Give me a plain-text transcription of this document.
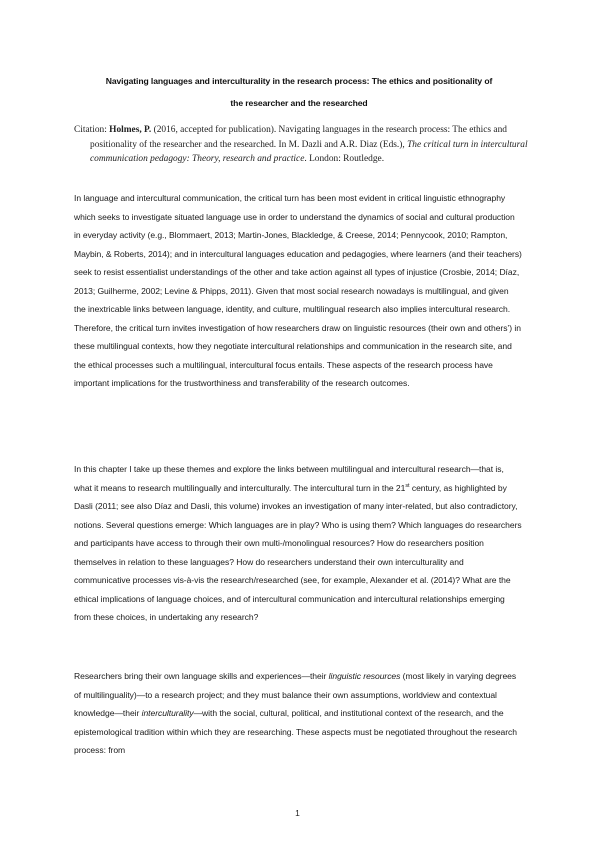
Navigating languages and interculturality in the research process: The ethics and positionality of
the researcher and the researched
Citation: Holmes, P. (2016, accepted for publication). Navigating languages in the research process: The ethics and positionality of the researcher and the researched. In M. Dazli and A.R. Diaz (Eds.), The critical turn in intercultural communication pedagogy: Theory, research and practice. London: Routledge.
In language and intercultural communication, the critical turn has been most evident in critical linguistic ethnography which seeks to investigate situated language use in order to understand the dynamics of social and cultural production in everyday activity (e.g., Blommaert, 2013; Martin-Jones, Blackledge, & Creese, 2014; Pennycook, 2010; Rampton, Maybin, & Roberts, 2014); and in intercultural languages education and pedagogies, where learners (and their teachers) seek to resist essentialist understandings of the other and take action against all types of injustice (Crosbie, 2014; Díaz, 2013; Guilherme, 2002; Levine & Phipps, 2011). Given that most social research nowadays is multilingual, and given the inextricable links between language, identity, and culture, multilingual research also implies intercultural research. Therefore, the critical turn invites investigation of how researchers draw on linguistic resources (their own and others’) in these multilingual contexts, how they negotiate intercultural relationships and communication in the research site, and the ethical processes such a multilingual, intercultural focus entails. These aspects of the research process have important implications for the trustworthiness and transferability of the research outcomes.
In this chapter I take up these themes and explore the links between multilingual and intercultural research—that is, what it means to research multilingually and interculturally. The intercultural turn in the 21st century, as highlighted by Dasli (2011; see also Díaz and Dasli, this volume) invokes an investigation of many inter-related, but also contradictory, notions. Several questions emerge: Which languages are in play? Who is using them? Which languages do researchers and participants have access to through their own multi-/monolingual resources? How do researchers position themselves in relation to these languages? How do researchers understand their own interculturality and communicative processes vis-à-vis the research/researched (see, for example, Alexander et al. (2014)? What are the ethical implications of language choices, and of intercultural communication and intercultural relationships emerging from these choices, in undertaking any research?
Researchers bring their own language skills and experiences—their linguistic resources (most likely in varying degrees of multilinguality)—to a research project; and they must balance their own assumptions, worldview and contextual knowledge—their interculturality—with the social, cultural, political, and institutional context of the research, and the epistemological tradition within which they are researching. These aspects must be negotiated throughout the research process: from
1
